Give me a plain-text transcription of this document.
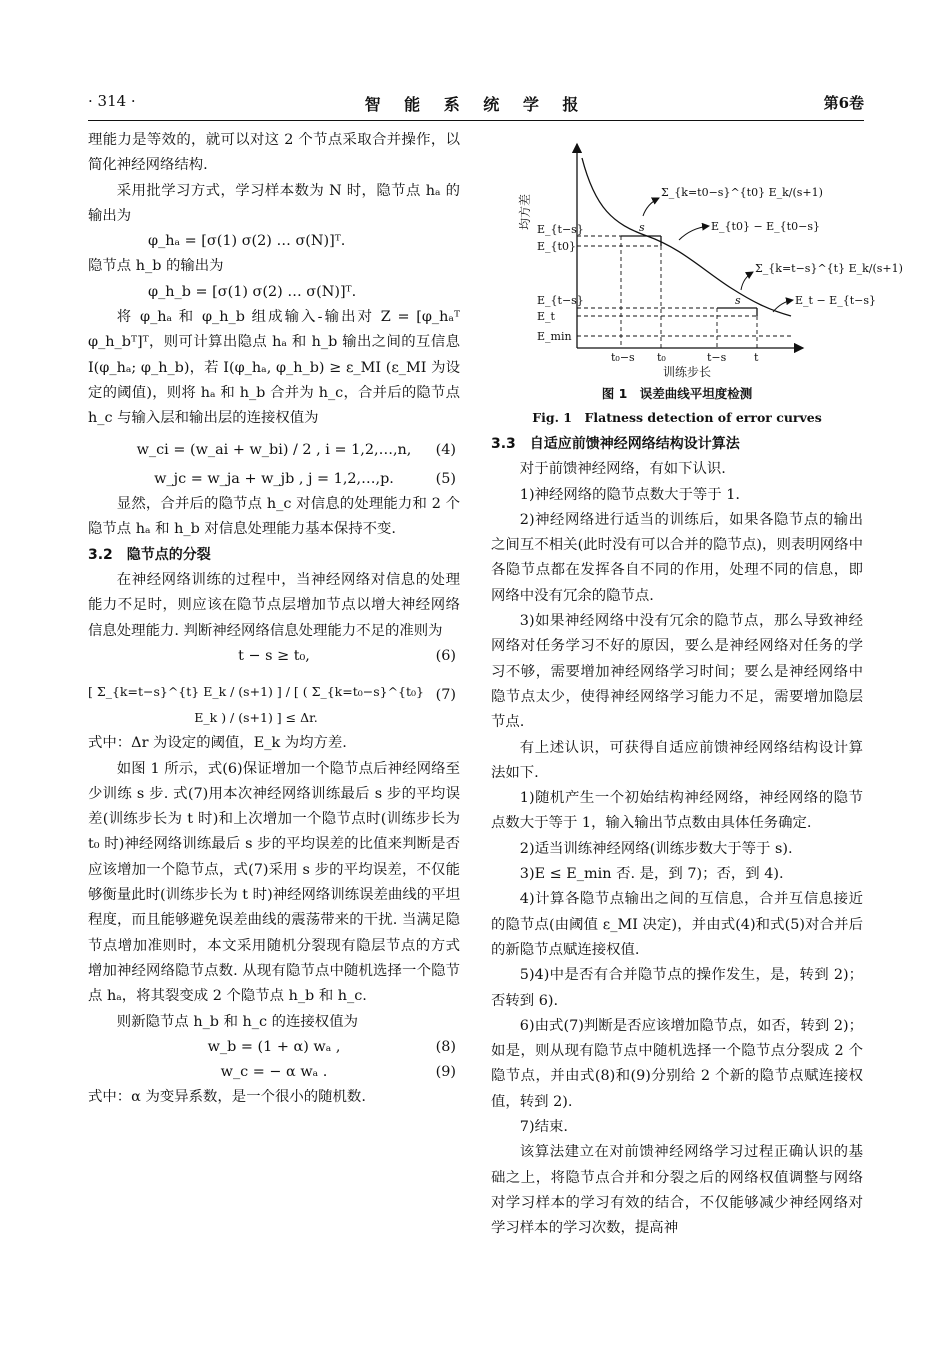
· 314 ·	智 能 系 统 学 报	第6卷

理能力是等效的，就可以对这 2 个节点采取合并操作，以简化神经网络结构.

采用批学习方式，学习样本数为 N 时，隐节点 hₐ 的输出为

φ_hₐ = [σ(1) σ(2) … σ(N)]ᵀ.

隐节点 h_b 的输出为

φ_h_b = [σ(1) σ(2) … σ(N)]ᵀ.

将 φ_hₐ 和 φ_h_b 组成输入-输出对 Z = [φ_hₐᵀ φ_h_bᵀ]ᵀ，则可计算出隐点 hₐ 和 h_b 输出之间的互信息 I(φ_hₐ; φ_h_b)，若 I(φ_hₐ, φ_h_b) ≥ ε_MI (ε_MI 为设定的阈值)，则将 hₐ 和 h_b 合并为 h_c，合并后的隐节点 h_c 与输入层和输出层的连接权值为

w_ci = (w_ai + w_bi) / 2 , i = 1,2,…,n,	(4)
w_jc = w_ja + w_jb , j = 1,2,…,p.	(5)

显然，合并后的隐节点 h_c 对信息的处理能力和 2 个隐节点 hₐ 和 h_b 对信息处理能力基本保持不变.

3.2　隐节点的分裂

在神经网络训练的过程中，当神经网络对信息的处理能力不足时，则应该在隐节点层增加节点以增大神经网络信息处理能力. 判断神经网络信息处理能力不足的准则为

t − s ≥ t₀,	(6)
[ Σ_{k=t−s}^{t} E_k / (s+1) ] / [ ( Σ_{k=t₀−s}^{t₀} E_k ) / (s+1) ] ≤ Δr.
(7)

式中：Δr 为设定的阈值，E_k 为均方差.

如图 1 所示，式(6)保证增加一个隐节点后神经网络至少训练 s 步. 式(7)用本次神经网络训练最后 s 步的平均误差(训练步长为 t 时)和上次增加一个隐节点时(训练步长为 t₀ 时)神经网络训练最后 s 步的平均误差的比值来判断是否应该增加一个隐节点，式(7)采用 s 步的平均误差，不仅能够衡量此时(训练步长为 t 时)神经网络训练误差曲线的平坦程度，而且能够避免误差曲线的震荡带来的干扰. 当满足隐节点增加准则时，本文采用随机分裂现有隐层节点的方式增加神经网络隐节点数. 从现有隐节点中随机选择一个隐节点 hₐ，将其裂变成 2 个隐节点 h_b 和 h_c.

则新隐节点 h_b 和 h_c 的连接权值为

w_b = (1 + α) wₐ ,	(8)
w_c = − α wₐ .	(9)

式中：α 为变异系数，是一个很小的随机数.

s
s
Σ_{k=t0−s}^{t0} E_k/(s+1)
E_{t0} − E_{t0−s}
Σ_{k=t−s}^{t} E_k/(s+1)
E_t − E_{t−s}
E_{t−s}
E_{t0}
E_{t−s}
E_t
E_min
均方差
t₀−s t₀	t−s	t
训练步长
图 1　误差曲线平坦度检测
Fig. 1　Flatness detection of error curves

3.3　自适应前馈神经网络结构设计算法

对于前馈神经网络，有如下认识.

1)神经网络的隐节点数大于等于 1.

2)神经网络进行适当的训练后，如果各隐节点的输出之间互不相关(此时没有可以合并的隐节点)，则表明网络中各隐节点都在发挥各自不同的作用，处理不同的信息，即网络中没有冗余的隐节点.

3)如果神经网络中没有冗余的隐节点，那么导致神经网络对任务学习不好的原因，要么是神经网络对任务的学习不够，需要增加神经网络学习时间；要么是神经网络中隐节点太少，使得神经网络学习能力不足，需要增加隐层节点.

有上述认识，可获得自适应前馈神经网络结构设计算法如下.

1)随机产生一个初始结构神经网络，神经网络的隐节点数大于等于 1，输入输出节点数由具体任务确定.

2)适当训练神经网络(训练步数大于等于 s).

3)E ≤ E_min 否. 是，到 7)；否，到 4).

4)计算各隐节点输出之间的互信息，合并互信息接近的隐节点(由阈值 ε_MI 决定)，并由式(4)和式(5)对合并后的新隐节点赋连接权值.

5)4)中是否有合并隐节点的操作发生，是，转到 2)；否转到 6).

6)由式(7)判断是否应该增加隐节点，如否，转到 2)；如是，则从现有隐节点中随机选择一个隐节点分裂成 2 个隐节点，并由式(8)和(9)分别给 2 个新的隐节点赋连接权值，转到 2).

7)结束.

该算法建立在对前馈神经网络学习过程正确认识的基础之上，将隐节点合并和分裂之后的网络权值调整与网络对学习样本的学习有效的结合，不仅能够减少神经网络对学习样本的学习次数，提高神
